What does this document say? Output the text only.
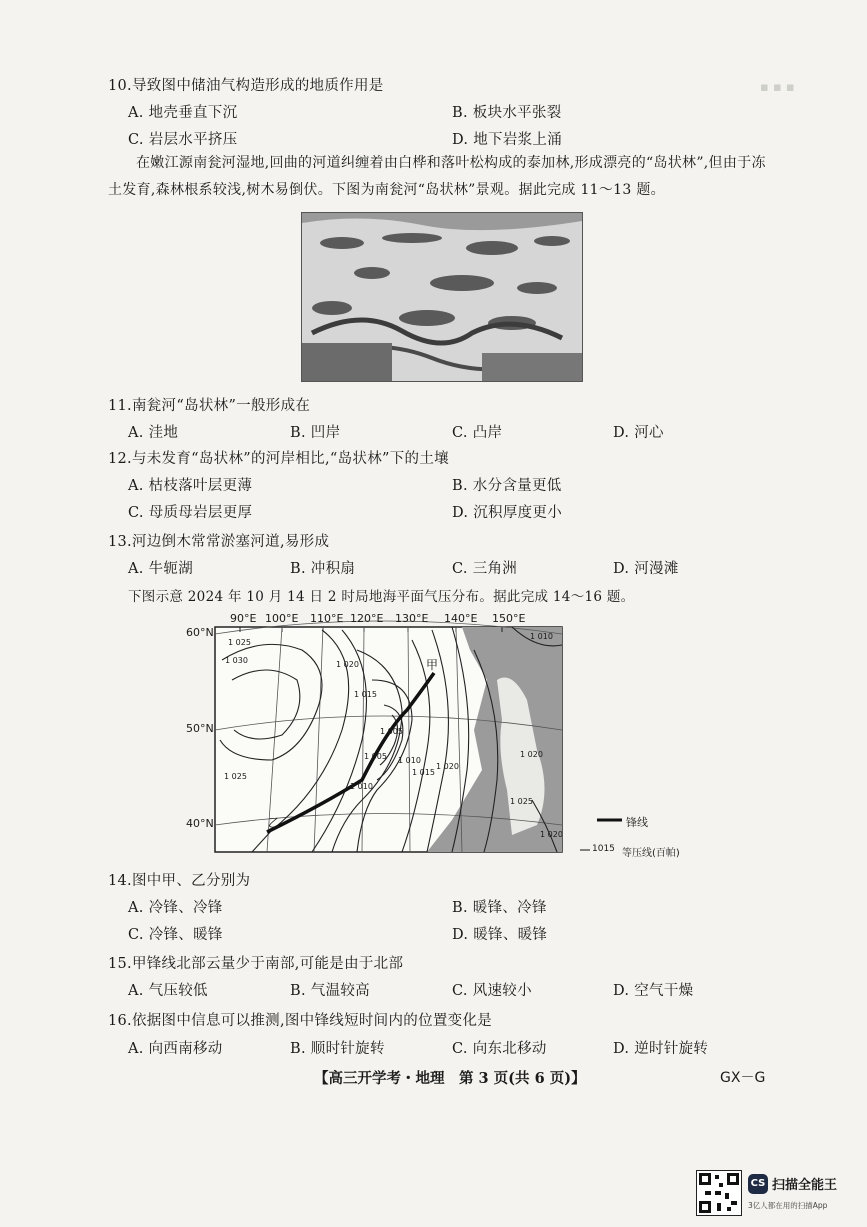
▪ ▪ ▪
10.导致图中储油气构造形成的地质作用是
A. 地壳垂直下沉	B. 板块水平张裂
C. 岩层水平挤压	D. 地下岩浆上涌
在嫩江源南瓮河湿地,回曲的河道纠缠着由白桦和落叶松构成的泰加林,形成漂亮的“岛状林”,但由于冻土发育,森林根系较浅,树木易倒伏。下图为南瓮河“岛状林”景观。据此完成 11～13 题。
11.南瓮河“岛状林”一般形成在
A. 洼地	B. 凹岸	C. 凸岸	D. 河心
12.与未发育“岛状林”的河岸相比,“岛状林”下的土壤
A. 枯枝落叶层更薄	B. 水分含量更低
C. 母质母岩层更厚	D. 沉积厚度更小
13.河边倒木常常淤塞河道,易形成
A. 牛轭湖	B. 冲积扇	C. 三角洲	D. 河漫滩
下图示意 2024 年 10 月 14 日 2 时局地海平面气压分布。据此完成 14～16 题。
90°E 100°E 110°E 120°E 130°E 140°E 150°E
60°N
50°N
40°N
1 025
1 030	1 020
1 015
1 010
1 005
1 005 1 010
1 015
1 020
1 025
1 020
1 010
1 025
1 020
甲
乙	锋线
1015 等压线(百帕)
14.图中甲、乙分别为
A. 冷锋、冷锋	B. 暖锋、冷锋
C. 冷锋、暖锋	D. 暖锋、暖锋
15.甲锋线北部云量少于南部,可能是由于北部
A. 气压较低	B. 气温较高	C. 风速较小	D. 空气干燥
16.依据图中信息可以推测,图中锋线短时间内的位置变化是
A. 向西南移动	B. 顺时针旋转	C. 向东北移动	D. 逆时针旋转
【高三开学考・地理　第 3 页(共 6 页)】	GX－G
CS 扫描全能王
3亿人都在用的扫描App
